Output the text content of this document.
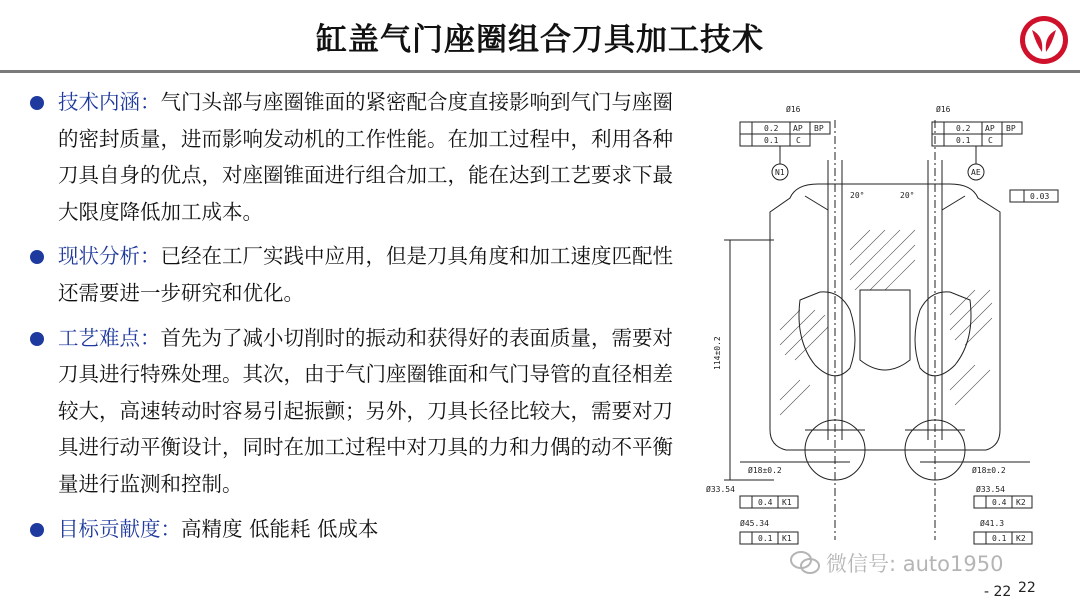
缸盖气门座圈组合刀具加工技术
技术内涵：气门头部与座圈锥面的紧密配合度直接影响到气门与座圈的密封质量，进而影响发动机的工作性能。在加工过程中，利用各种刀具自身的优点，对座圈锥面进行组合加工，能在达到工艺要求下最大限度降低加工成本。
现状分析：已经在工厂实践中应用，但是刀具角度和加工速度匹配性还需要进一步研究和优化。
工艺难点：首先为了减小切削时的振动和获得好的表面质量，需要对刀具进行特殊处理。其次，由于气门座圈锥面和气门导管的直径相差较大，高速转动时容易引起振颤；另外，刀具长径比较大，需要对刀具进行动平衡设计，同时在加工过程中对刀具的力和力偶的动不平衡量进行监测和控制。
目标贡献度：高精度 低能耗 低成本
20°	20°
Ø16
0.2 AP BP
0.1 C
N1
Ø16
0.2 AP BP
0.1 C
AE
0.03
114±0.2
Ø18±0.2	Ø18±0.2
Ø33.54	Ø33.54
0.4 K1	0.4 K2
Ø45.34	Ø41.3
0.1 K1	0.1 K2
微信号: auto1950
- 22 22
